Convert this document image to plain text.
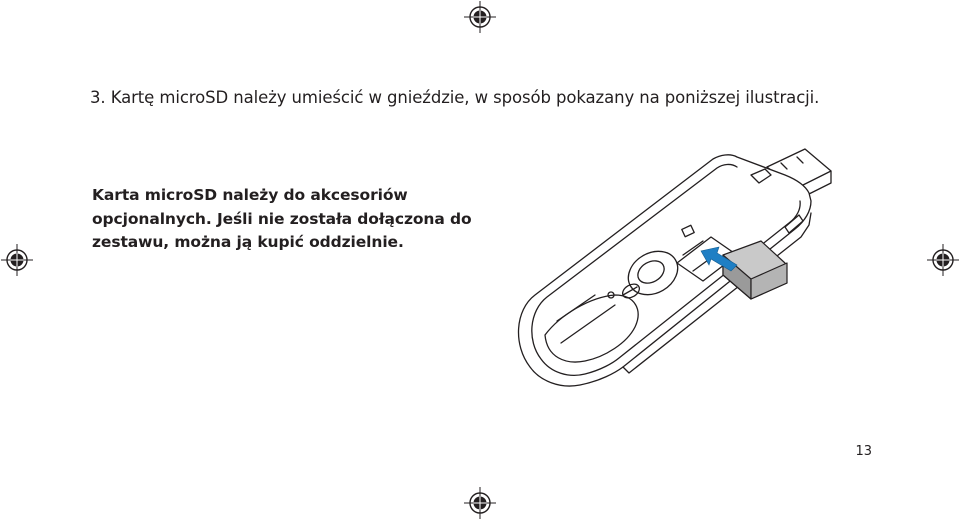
3. Kartę microSD należy umieścić w gnieździe, w sposób pokazany na poniższej ilustracji.
Karta microSD należy do akcesoriów
opcjonalnych. Jeśli nie została dołączona do
zestawu, można ją kupić oddzielnie.
13
